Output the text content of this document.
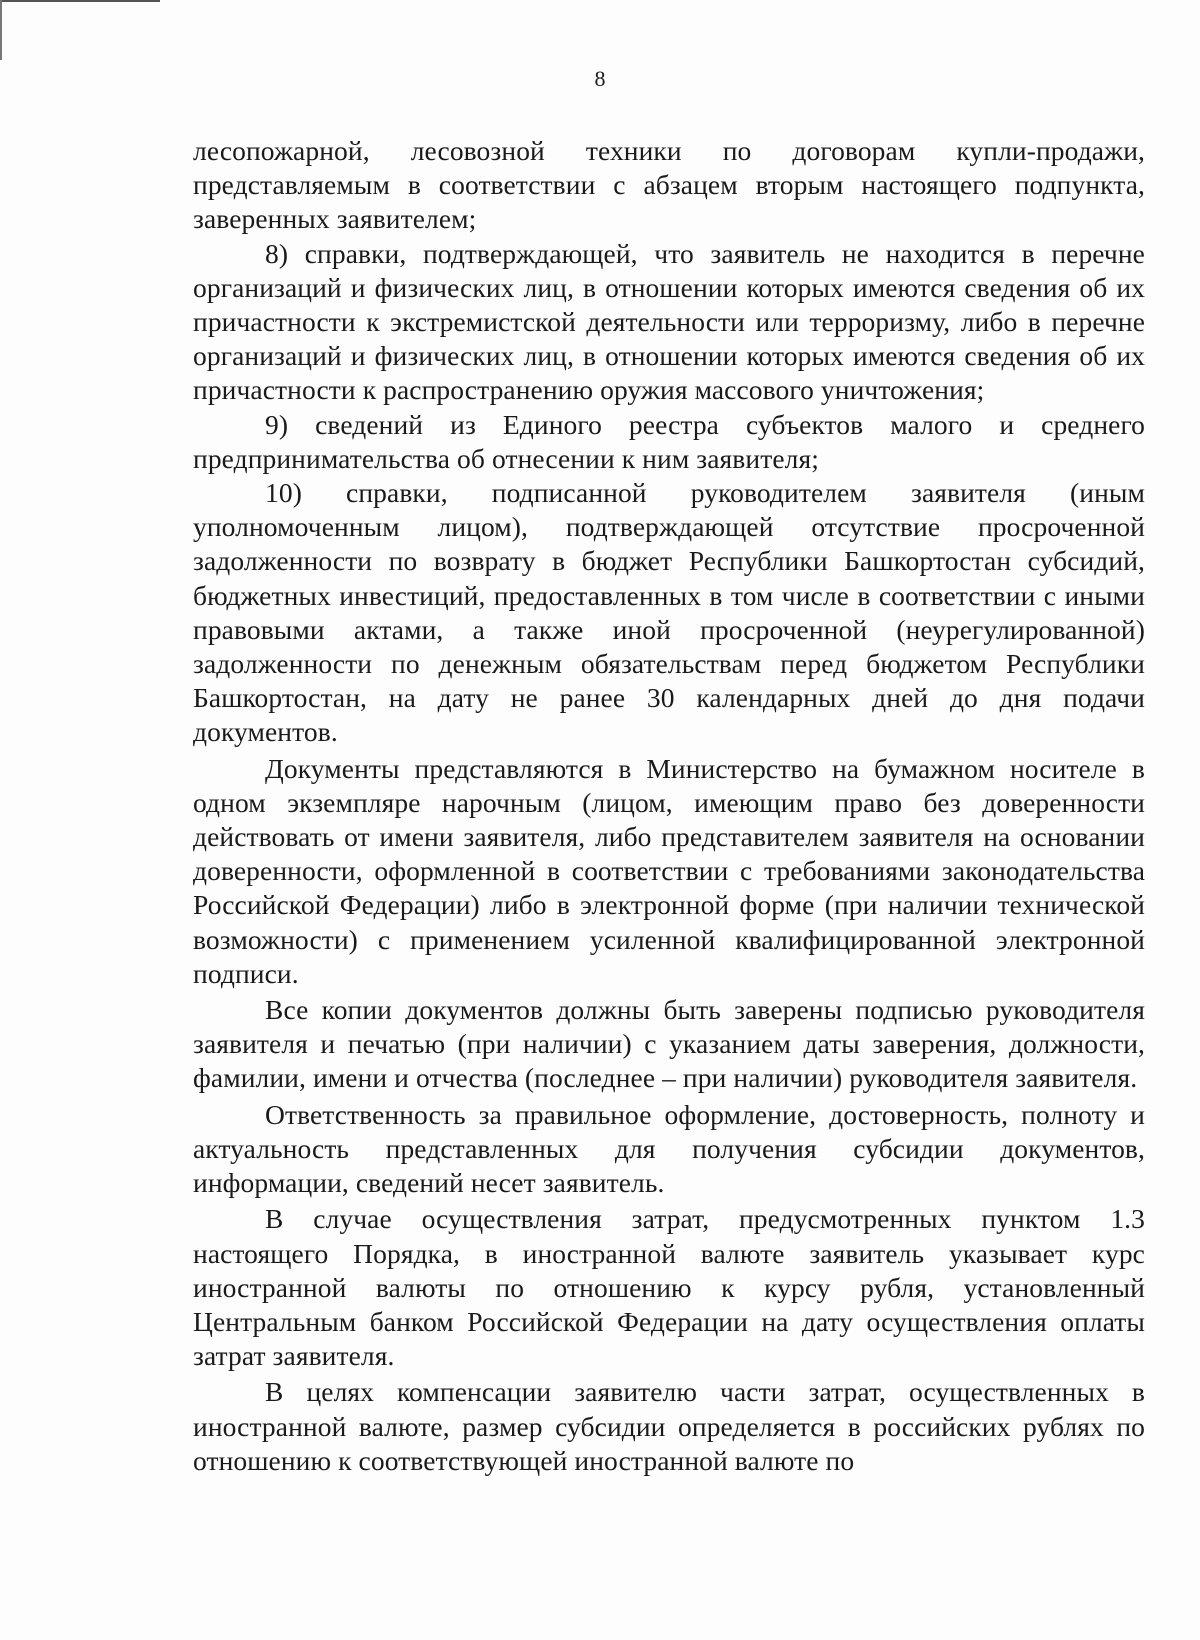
8

лесопожарной, лесовозной техники по договорам купли-продажи, представляемым в соответствии с абзацем вторым настоящего подпункта, заверенных заявителем;

8) справки, подтверждающей, что заявитель не находится в перечне организаций и физических лиц, в отношении которых имеются сведения об их причастности к экстремистской деятельности или терроризму, либо в перечне организаций и физических лиц, в отношении которых имеются сведения об их причастности к распространению оружия массового уничтожения;

9) сведений из Единого реестра субъектов малого и среднего предпринимательства об отнесении к ним заявителя;

10) справки, подписанной руководителем заявителя (иным уполномоченным лицом), подтверждающей отсутствие просроченной задолженности по возврату в бюджет Республики Башкортостан субсидий, бюджетных инвестиций, предоставленных в том числе в соответствии с иными правовыми актами, а также иной просроченной (неурегулированной) задолженности по денежным обязательствам перед бюджетом Республики Башкортостан, на дату не ранее 30 календарных дней до дня подачи документов.

Документы представляются в Министерство на бумажном носителе в одном экземпляре нарочным (лицом, имеющим право без доверенности действовать от имени заявителя, либо представителем заявителя на основании доверенности, оформленной в соответствии с требованиями законодательства Российской Федерации) либо в электронной форме (при наличии технической возможности) с применением усиленной квалифицированной электронной подписи.

Все копии документов должны быть заверены подписью руководителя заявителя и печатью (при наличии) с указанием даты заверения, должности, фамилии, имени и отчества (последнее – при наличии) руководителя заявителя.

Ответственность за правильное оформление, достоверность, полноту и актуальность представленных для получения субсидии документов, информации, сведений несет заявитель.

В случае осуществления затрат, предусмотренных пунктом 1.3 настоящего Порядка, в иностранной валюте заявитель указывает курс иностранной валюты по отношению к курсу рубля, установленный Центральным банком Российской Федерации на дату осуществления оплаты затрат заявителя.

В целях компенсации заявителю части затрат, осуществленных в иностранной валюте, размер субсидии определяется в российских рублях по отношению к соответствующей иностранной валюте по
